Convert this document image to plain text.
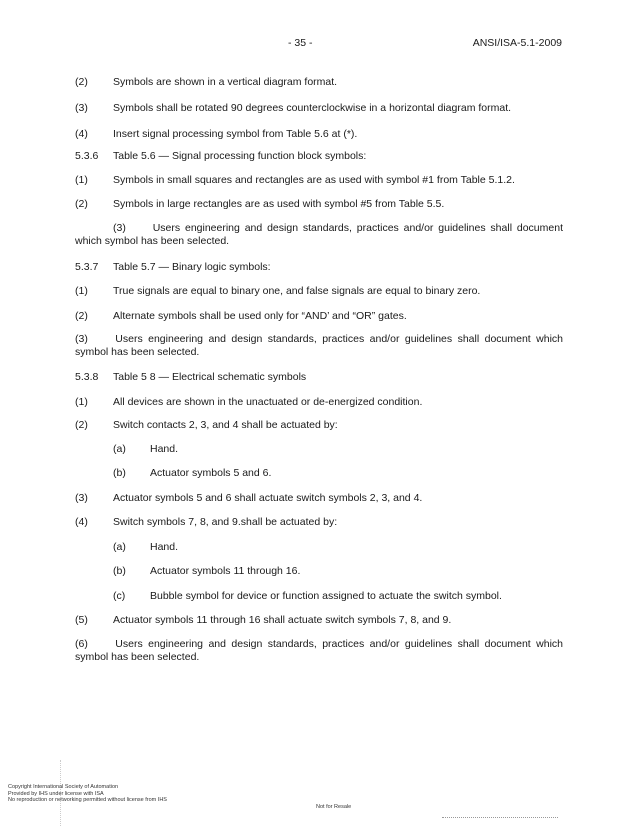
- 35 -	ANSI/ISA-5.1-2009
(2) Symbols are shown in a vertical diagram format.
(3) Symbols shall be rotated 90 degrees counterclockwise in a horizontal diagram format.
(4) Insert signal processing symbol from Table 5.6 at (*).
5.3.6 Table 5.6 — Signal processing function block symbols:
(1) Symbols in small squares and rectangles are as used with symbol #1 from Table 5.1.2.
(2) Symbols in large rectangles are as used with symbol #5 from Table 5.5.
(3)	Users engineering and design standards, practices and/or guidelines shall document which symbol has been selected.
5.3.7 Table 5.7 — Binary logic symbols:
(1) True signals are equal to binary one, and false signals are equal to binary zero.
(2) Alternate symbols shall be used only for “AND’ and “OR” gates.
(3)	Users engineering and design standards, practices and/or guidelines shall document which symbol has been selected.
5.3.8 Table 5 8 — Electrical schematic symbols
(1) All devices are shown in the unactuated or de-energized condition.
(2) Switch contacts 2, 3, and 4 shall be actuated by:
(a) Hand.
(b) Actuator symbols 5 and 6.
(3) Actuator symbols 5 and 6 shall actuate switch symbols 2, 3, and 4.
(4) Switch symbols 7, 8, and 9.shall be actuated by:
(a) Hand.
(b) Actuator symbols 11 through 16.
(c) Bubble symbol for device or function assigned to actuate the switch symbol.
(5) Actuator symbols 11 through 16 shall actuate switch symbols 7, 8, and 9.
(6)	Users engineering and design standards, practices and/or guidelines shall document which symbol has been selected.
Copyright International Society of Automation
Provided by IHS under license with ISA
No reproduction or networking permitted without license from IHS
Not for Resale
